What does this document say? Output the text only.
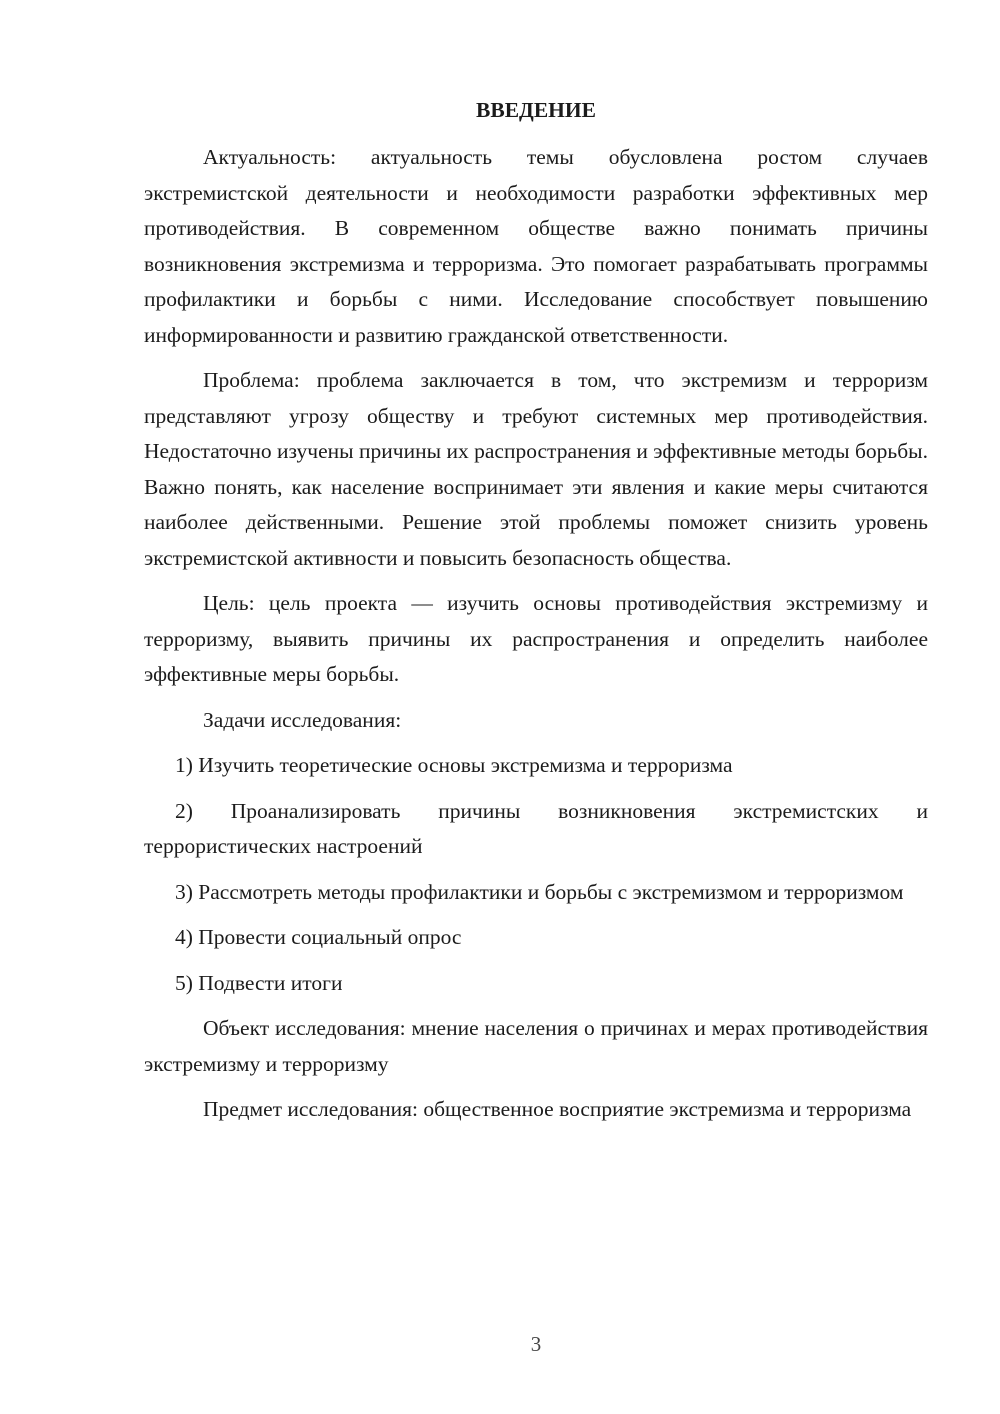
ВВЕДЕНИЕ

Актуальность: актуальность темы обусловлена ростом случаев экстремистской деятельности и необходимости разработки эффективных мер противодействия. В современном обществе важно понимать причины возникновения экстремизма и терроризма. Это помогает разрабатывать программы профилактики и борьбы с ними. Исследование способствует повышению информированности и развитию гражданской ответственности.

Проблема: проблема заключается в том, что экстремизм и терроризм представляют угрозу обществу и требуют системных мер противодействия. Недостаточно изучены причины их распространения и эффективные методы борьбы. Важно понять, как население воспринимает эти явления и какие меры считаются наиболее действенными. Решение этой проблемы поможет снизить уровень экстремистской активности и повысить безопасность общества.

Цель: цель проекта — изучить основы противодействия экстремизму и терроризму, выявить причины их распространения и определить наиболее эффективные меры борьбы.

Задачи исследования:

1) Изучить теоретические основы экстремизма и терроризма

2) Проанализировать причины возникновения экстремистских и террористических настроений

3) Рассмотреть методы профилактики и борьбы с экстремизмом и терроризмом

4) Провести социальный опрос

5) Подвести итоги

Объект исследования: мнение населения о причинах и мерах противодействия экстремизму и терроризму

Предмет исследования: общественное восприятие экстремизма и терроризма

3
